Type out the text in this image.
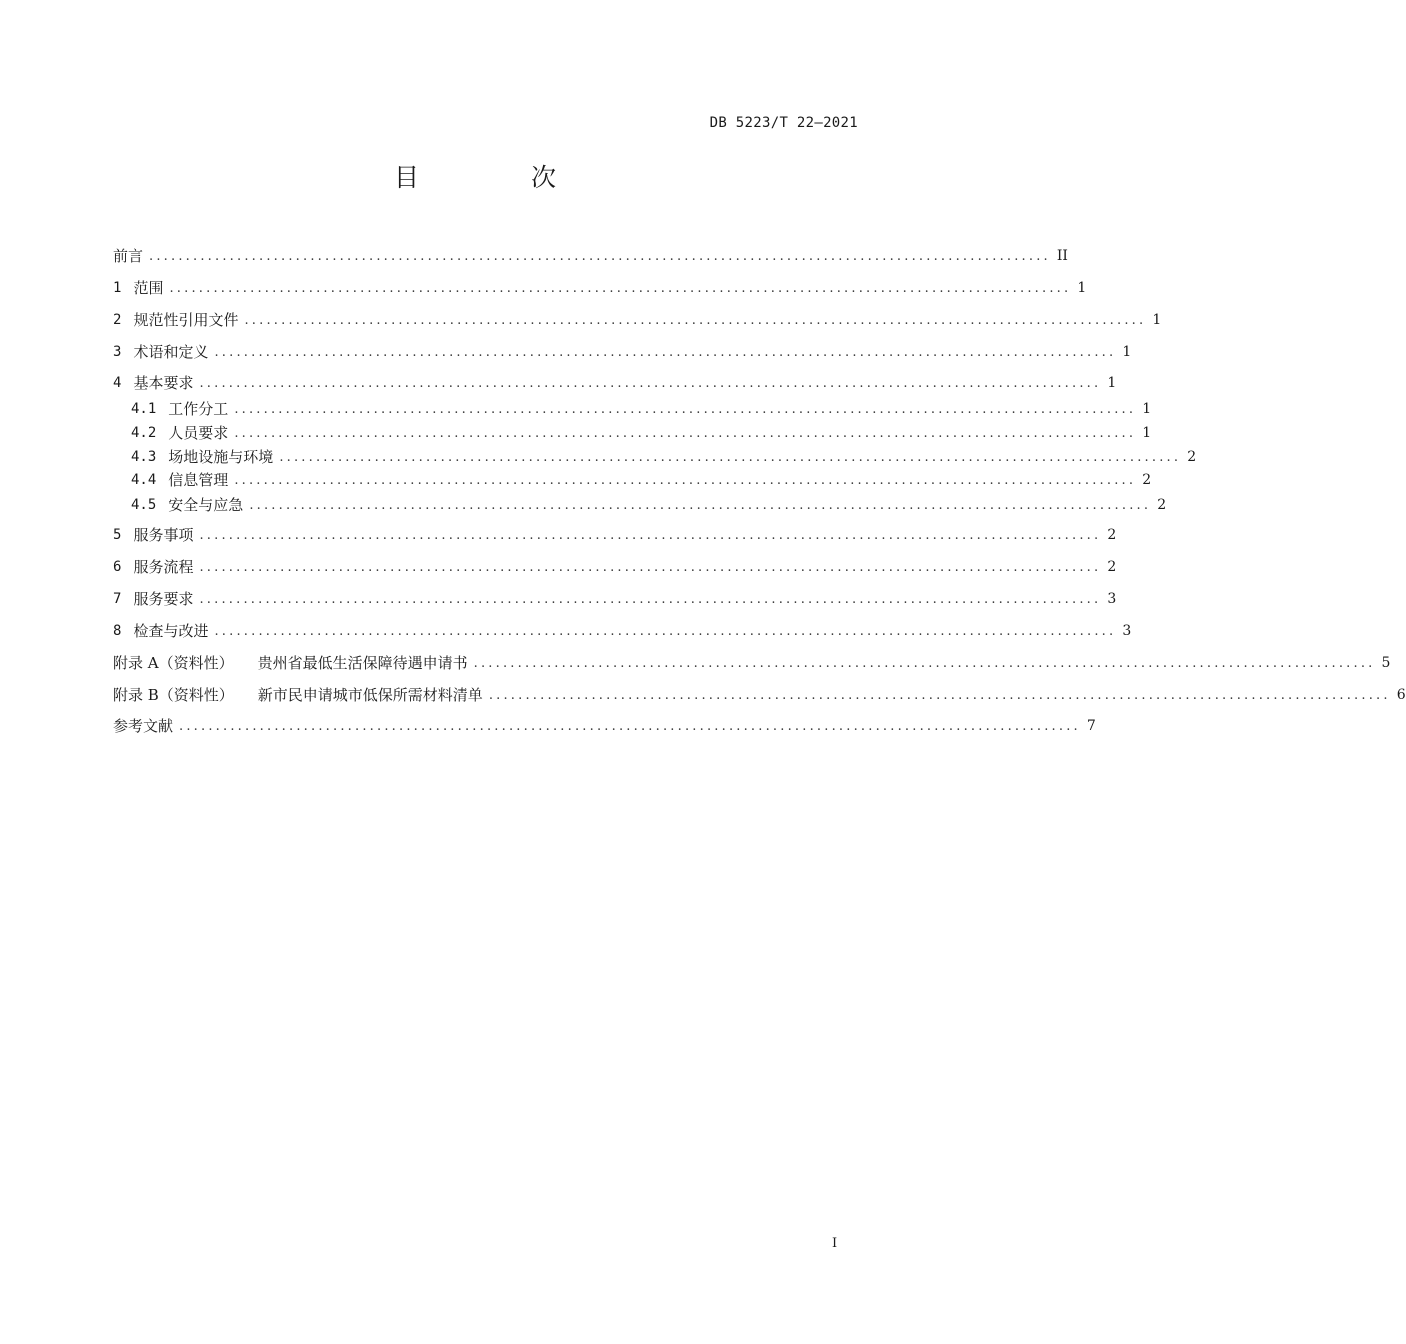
DB 5223/T 22—2021
目 次
前言 ........................................................................................................................... II
1 范围 ........................................................................................................................... 1
2 规范性引用文件 ........................................................................................................................... 1
3 术语和定义 ........................................................................................................................... 1
4 基本要求 ........................................................................................................................... 1
4.1 工作分工 ........................................................................................................................... 1
4.2 人员要求 ........................................................................................................................... 1
4.3 场地设施与环境 ........................................................................................................................... 2
4.4 信息管理 ........................................................................................................................... 2
4.5 安全与应急 ........................................................................................................................... 2
5 服务事项 ........................................................................................................................... 2
6 服务流程 ........................................................................................................................... 2
7 服务要求 ........................................................................................................................... 3
8 检查与改进 ........................................................................................................................... 3
附录 A（资料性） 贵州省最低生活保障待遇申请书 ........................................................................................................................... 5
附录 B（资料性） 新市民申请城市低保所需材料清单 ........................................................................................................................... 6
参考文献 ........................................................................................................................... 7
I
